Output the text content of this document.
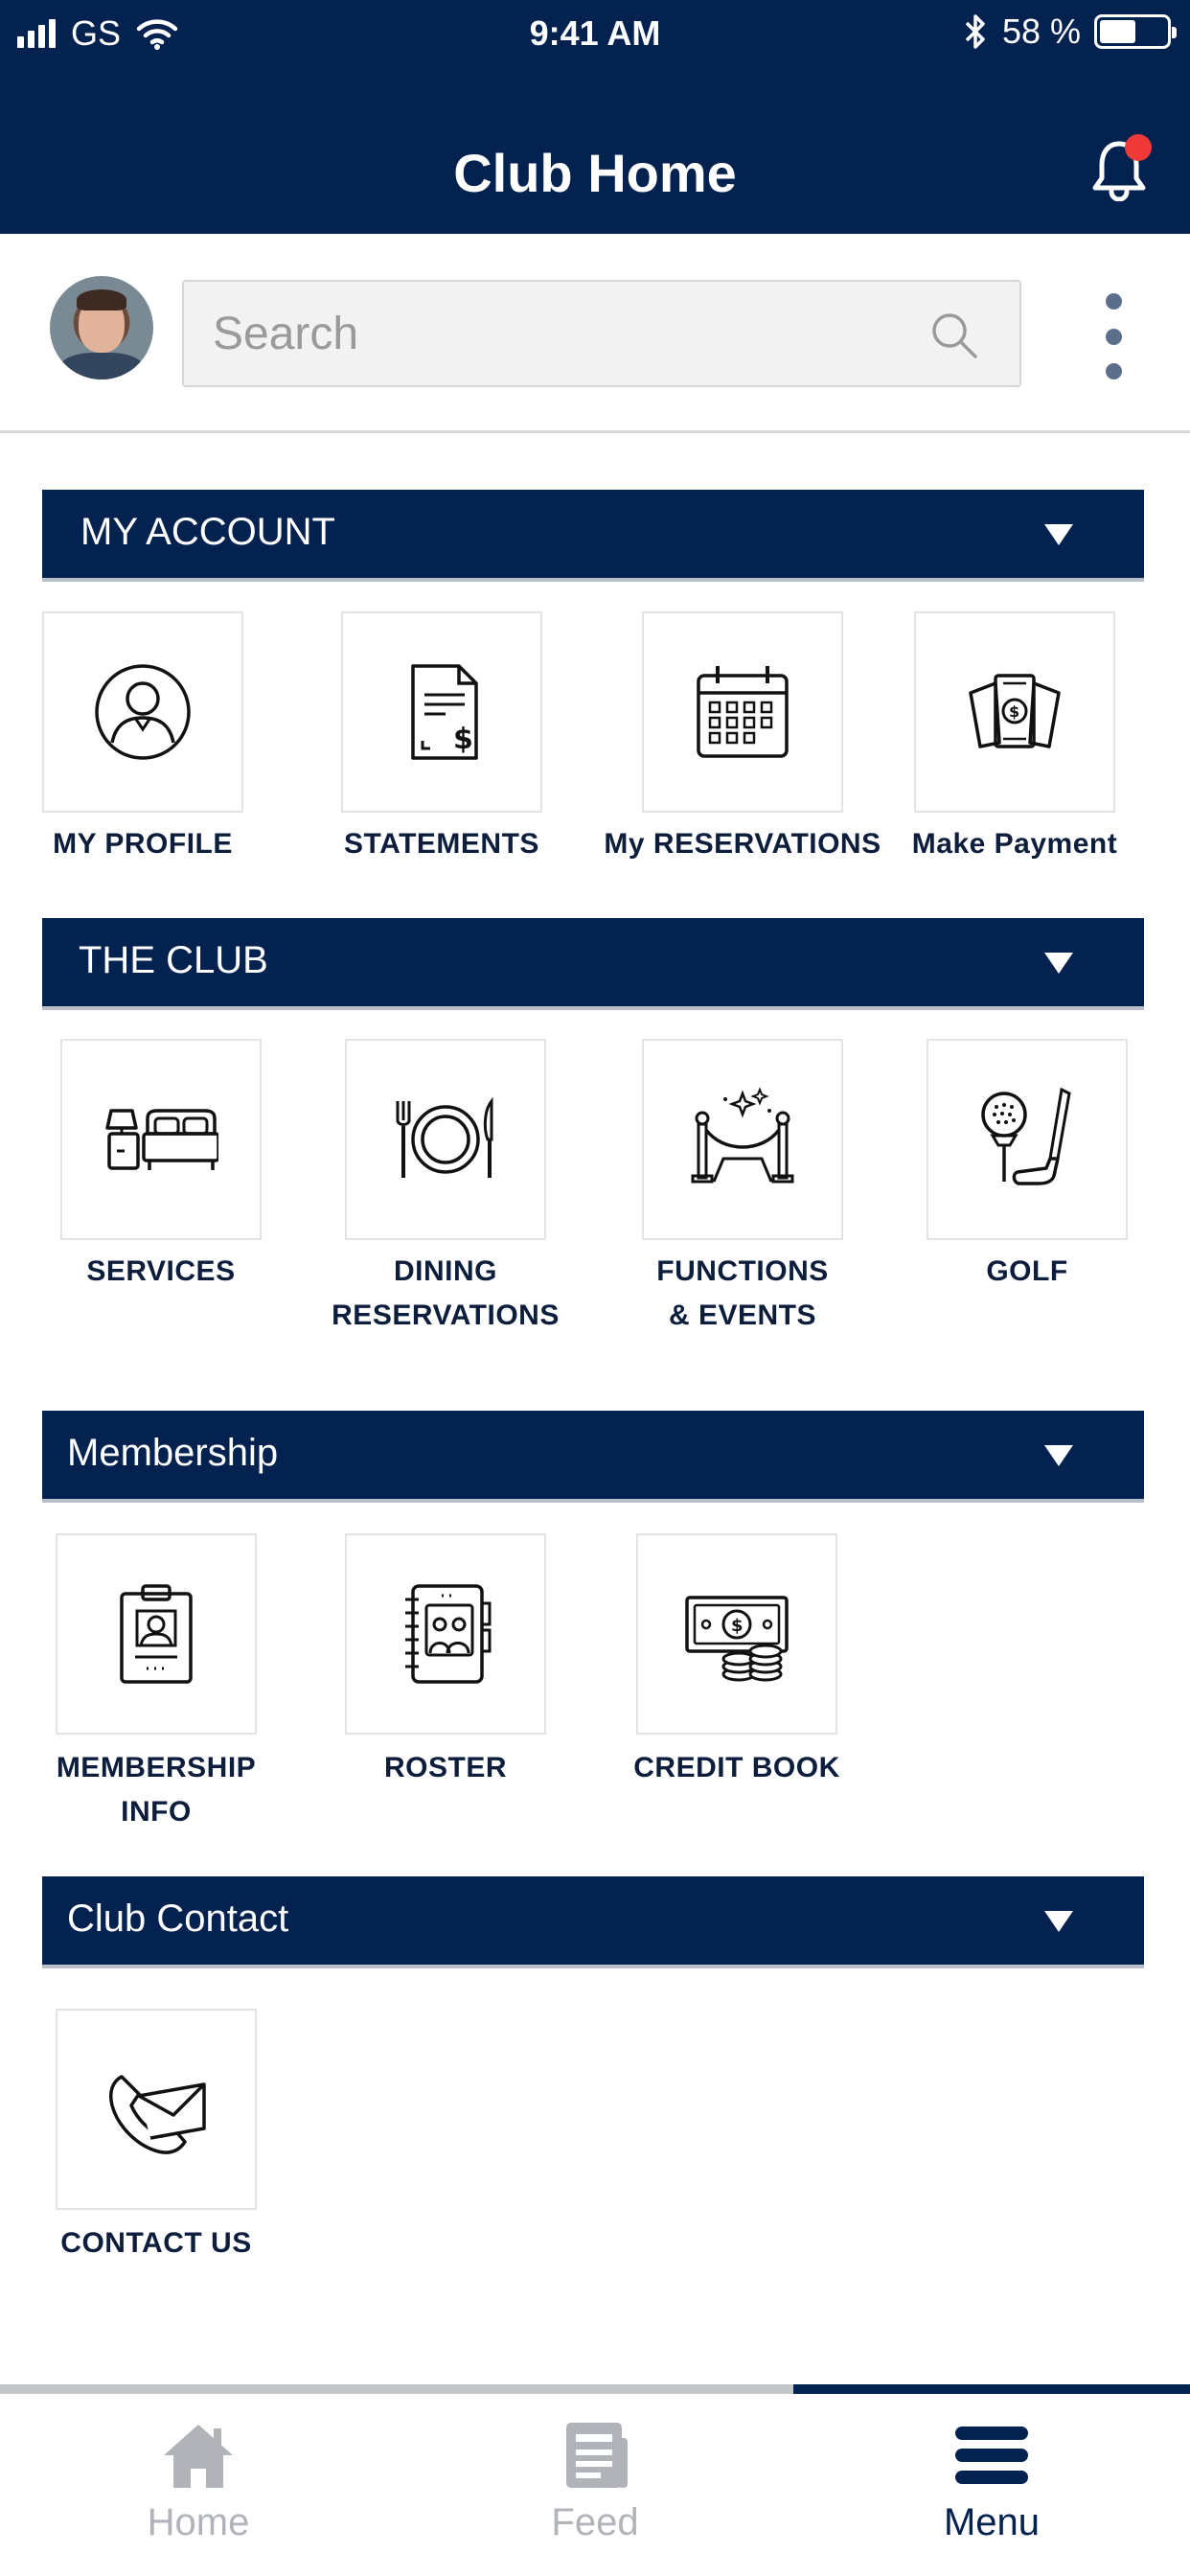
GS	9:41 AM	58 %
Club Home
Search
MY ACCOUNT
MY PROFILE
$
STATEMENTS	My RESERVATIONS
$
Make Payment
THE CLUB
SERVICES	DINING
RESERVATIONS
FUNCTIONS
& EVENTS
GOLF
Membership
MEMBERSHIP
INFO
ROSTER
$
CREDIT BOOK
Club Contact
CONTACT US
Home	Feed	Menu
